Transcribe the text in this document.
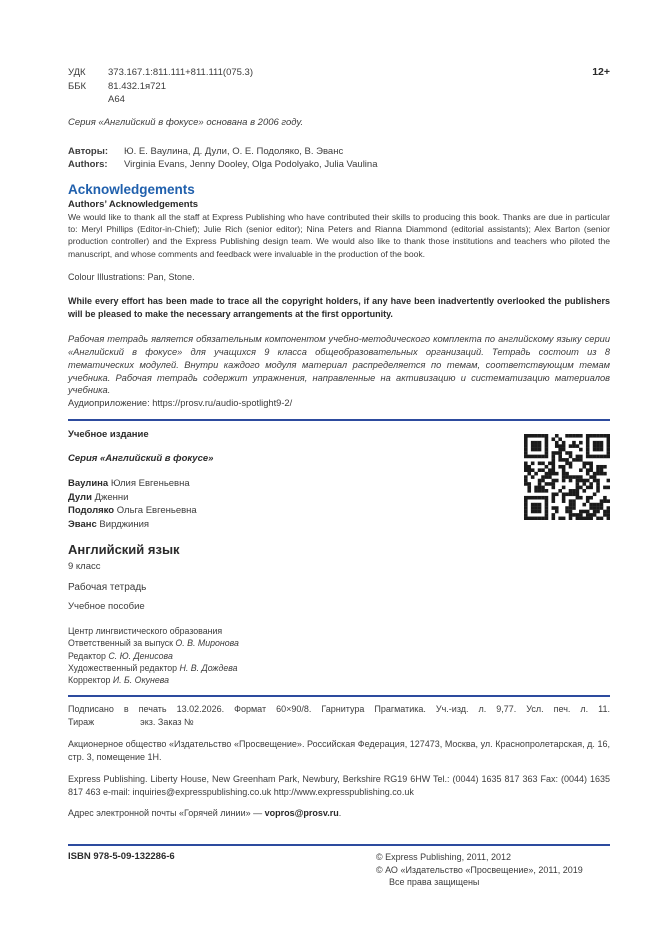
12+
УДК	373.167.1:811.111+811.111(075.3)
ББК	81.432.1я721
А64
Серия «Английский в фокусе» основана в 2006 году.
Авторы:	Ю. Е. Ваулина, Д. Дули, О. Е. Подоляко, В. Эванс
Authors:	Virginia Evans, Jenny Dooley, Olga Podolyako, Julia Vaulina
Acknowledgements
Authors’ Acknowledgements
We would like to thank all the staff at Express Publishing who have contributed their skills to producing this book. Thanks are due in particular to: Meryl Phillips (Editor-in-Chief); Julie Rich (senior editor); Nina Peters and Rianna Diammond (editorial assistants); Alex Barton (senior production controller) and the Express Publishing design team. We would also like to thank those institutions and teachers who piloted the manuscript, and whose comments and feedback were invaluable in the production of the book.
Colour Illustrations: Pan, Stone.
While every effort has been made to trace all the copyright holders, if any have been inadvertently overlooked the publishers will be pleased to make the necessary arrangements at the first opportunity.
Рабочая тетрадь является обязательным компонентом учебно-методического комплекта по английскому языку серии «Английский в фокусе» для учащихся 9 класса общеобразовательных организаций. Тетрадь состоит из 8 тематических модулей. Внутри каждого модуля материал распределяется по темам, соответствующим темам учебника. Рабочая тетрадь содержит упражнения, направленные на активизацию и систематизацию материалов учебника.
Аудиоприложение: https://prosv.ru/audio-spotlight9-2/
Учебное издание
Серия «Английский в фокусе»
Ваулина Юлия Евгеньевна
Дули Дженни
Подоляко Ольга Евгеньевна
Эванс Вирджиния
Английский язык
9 класс
Рабочая тетрадь
Учебное пособие
Центр лингвистического образования
Ответственный за выпуск О. В. Миронова
Редактор С. Ю. Денисова
Художественный редактор Н. В. Дождева
Корректор И. Б. Окунева
Подписано в печать 13.02.2026. Формат 60×90/8. Гарнитура Прагматика. Уч.-изд. л. 9,77. Усл. печ. л. 11.
Тираж	экз. Заказ №
Акционерное общество «Издательство «Просвещение». Российская Федерация, 127473, Москва, ул. Краснопролетарская, д. 16, стр. 3, помещение 1Н.
Express Publishing. Liberty House, New Greenham Park, Newbury, Berkshire RG19 6HW Tel.: (0044) 1635 817 363 Fax: (0044) 1635 817 463 e-mail: inquiries@expresspublishing.co.uk http://www.expresspublishing.co.uk
Адрес электронной почты «Горячей линии» — vopros@prosv.ru.
ISBN 978-5-09-132286-6	© Express Publishing, 2011, 2012
© АО «Издательство «Просвещение», 2011, 2019
Все права защищены
